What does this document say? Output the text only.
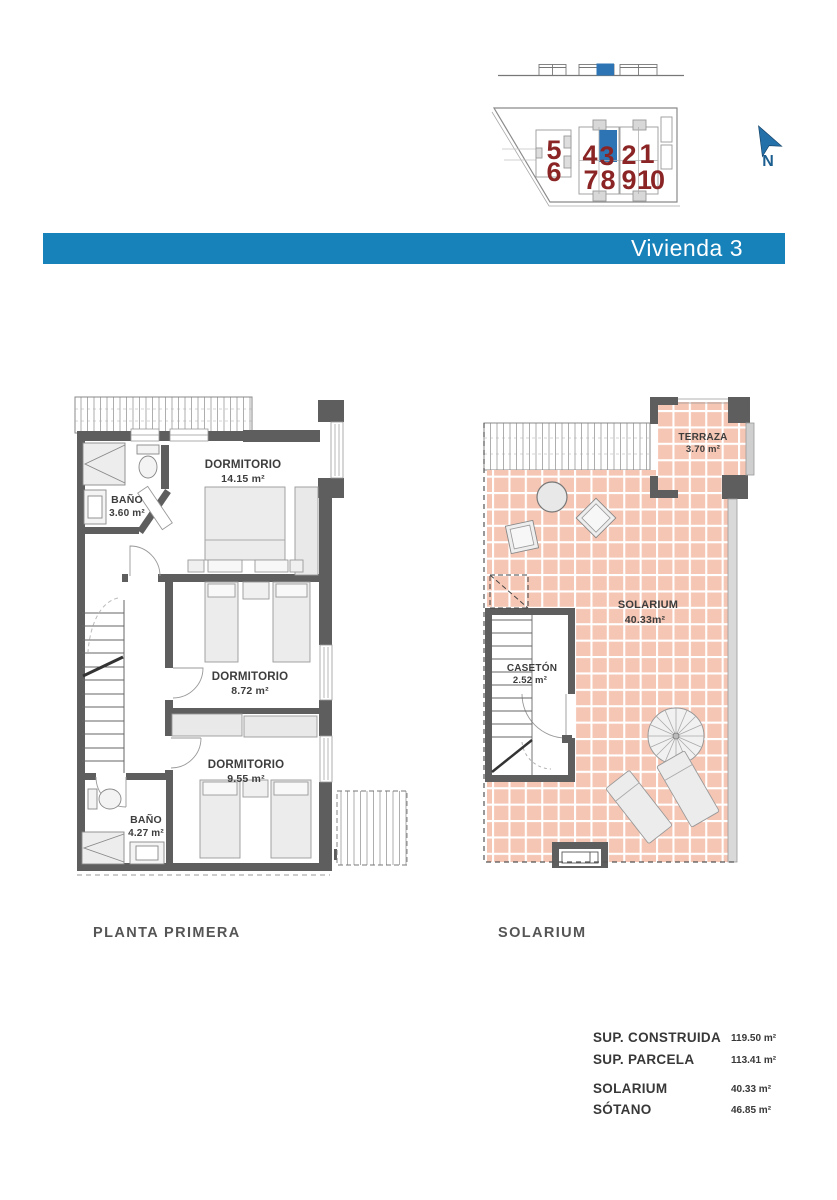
5 4 3 2 1
6 7 8 9 10
N
Vivienda 3
BAÑO
3.60 m²
DORMITORIO
14.15 m²
DORMITORIO
8.72 m²
DORMITORIO
9.55 m²
BAÑO
4.27 m²
TERRAZA
3.70 m²
SOLARIUM
40.33m²
CASETÓN
2.52 m²
PLANTA PRIMERA	SOLARIUM
SUP. CONSTRUIDA 119.50 m²
SUP. PARCELA	113.41 m²
SOLARIUM	40.33 m²
SÓTANO	46.85 m²
